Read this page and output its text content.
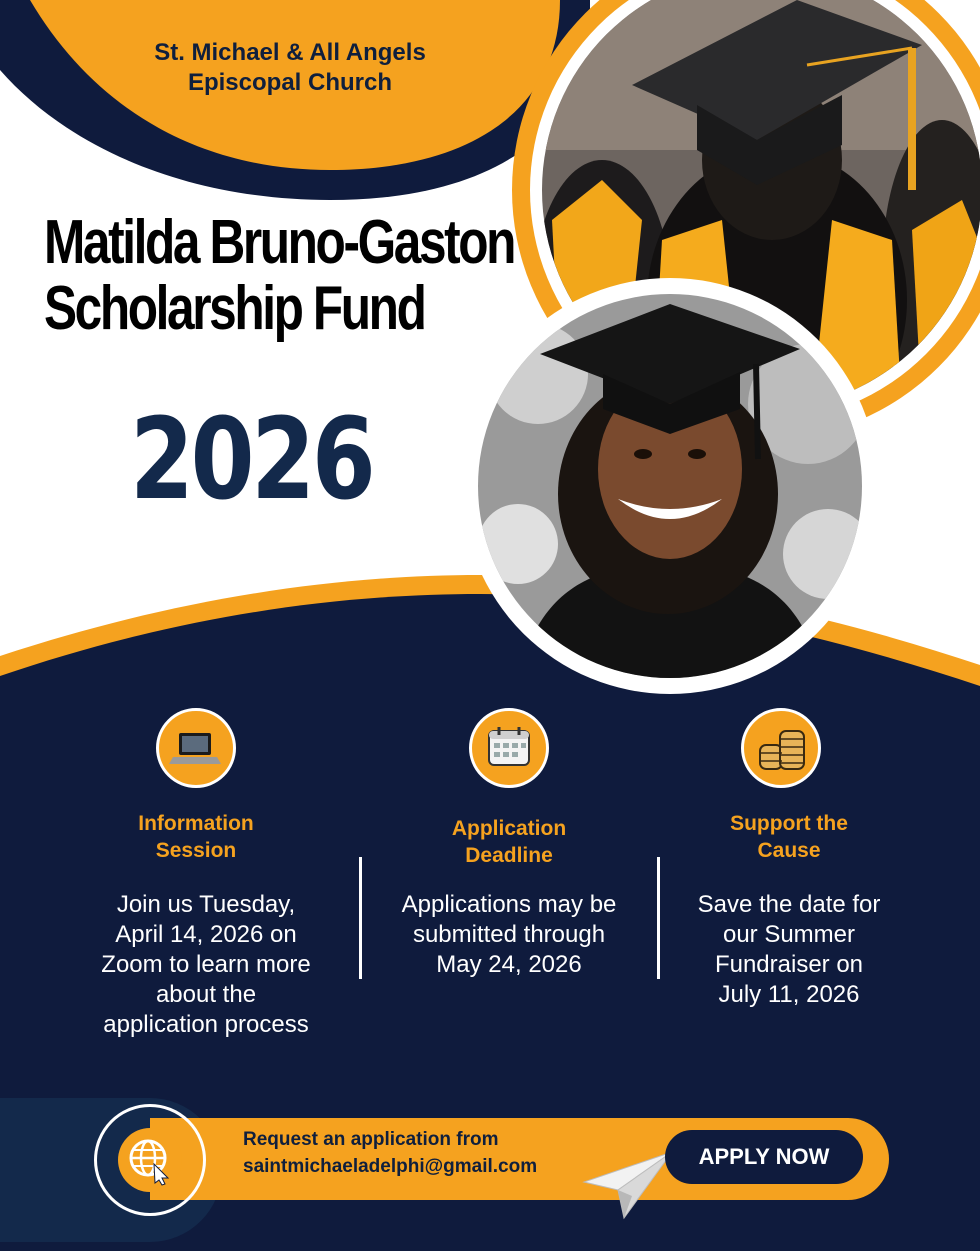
St. Michael & All Angels
Episcopal Church
Matilda Bruno-Gaston
Scholarship Fund
2026
Information
Session
Join us Tuesday,
April 14, 2026 on
Zoom to learn more
about the
application process
Application
Deadline
Applications may be
submitted through
May 24, 2026
Support the
Cause
Save the date for
our Summer
Fundraiser on
July 11, 2026
Request an application from
saintmichaeladelphi@gmail.com	APPLY NOW
